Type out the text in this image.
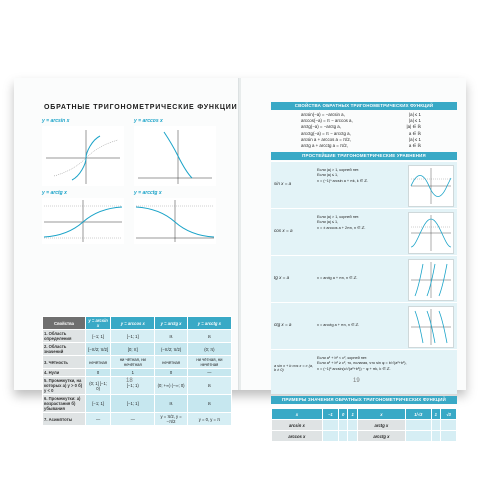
ОБРАТНЫЕ ТРИГОНОМЕТРИЧЕСКИЕ ФУНКЦИИ
y = arcsin x	y = arccos x
y = arctg x	y = arcctg x
Свойства	y = arcsin x	y = arccos x	y = arctg x	y = arcctg x
1. Область определения	[−1; 1]	[−1; 1]	ℝ	ℝ
2. Область значений	[−π/2; π/2]	[0; π]	(−π/2; π/2)	(0; π)
3. Чётность	нечётная	ни чётная, ни нечётная	нечётная	ни чётная, ни нечётная
4. Нули	0	1	0	—
5. Промежутки, на которых а) y > 0 б) y < 0	(0; 1] [−1; 0)	[−1; 1)	(0; +∞) (−∞; 0)	ℝ
6. Промежутки: а) возрастания б) убывания	[−1; 1]	[−1; 1]	ℝ	ℝ
7. Асимптоты	—	—	y = π/2, y = −π/2	y = 0, y = π
18
СВОЙСТВА ОБРАТНЫХ ТРИГОНОМЕТРИЧЕСКИХ ФУНКЦИЙ
arcsin(−a) = −arcsin a,	|a| ≤ 1
arccos(−a) = π − arccos a,	|a| ≤ 1
arctg(−a) = −arctg a,	|a| ∈ ℝ
arcctg(−a) = π − arcctg a,	a ∈ ℝ
arcsin a + arccos a = π/2,	|a| ≤ 1
arctg a + arcctg a = π/2,	a ∈ ℝ
ПРОСТЕЙШИЕ ТРИГОНОМЕТРИЧЕСКИЕ УРАВНЕНИЯ
sin x = a
Если |a| > 1, корней нет.
Если |a| ≤ 1,
x = (−1)ⁿ arcsin a + πk, k ∈ ℤ.
cos x = a
Если |a| > 1, корней нет.
Если |a| ≤ 1,
x = ± arccos a + 2πn, n ∈ ℤ.
tg x = a	x = arctg a + πn, n ∈ ℤ.
ctg x = a	x = arcctg a + πn, n ∈ ℤ.
a sin x + b cos x = c (a, b ≠ 0)
Если a² + b² < c², корней нет.
Если a² + b² ≥ c², то, полагая, что sin φ = b/√(a²+b²),
x = (−1)ᵏ arcsin(c/√(a²+b²)) − φ + πk, k ∈ ℤ.
ПРИМЕРЫ ЗНАЧЕНИЯ ОБРАТНЫХ ТРИГОНОМЕТРИЧЕСКИХ ФУНКЦИЙ
x	−1	0	1	x	1/√3	1	√3
arcsin x				arctg x			
arccos x				arcctg x			
19
